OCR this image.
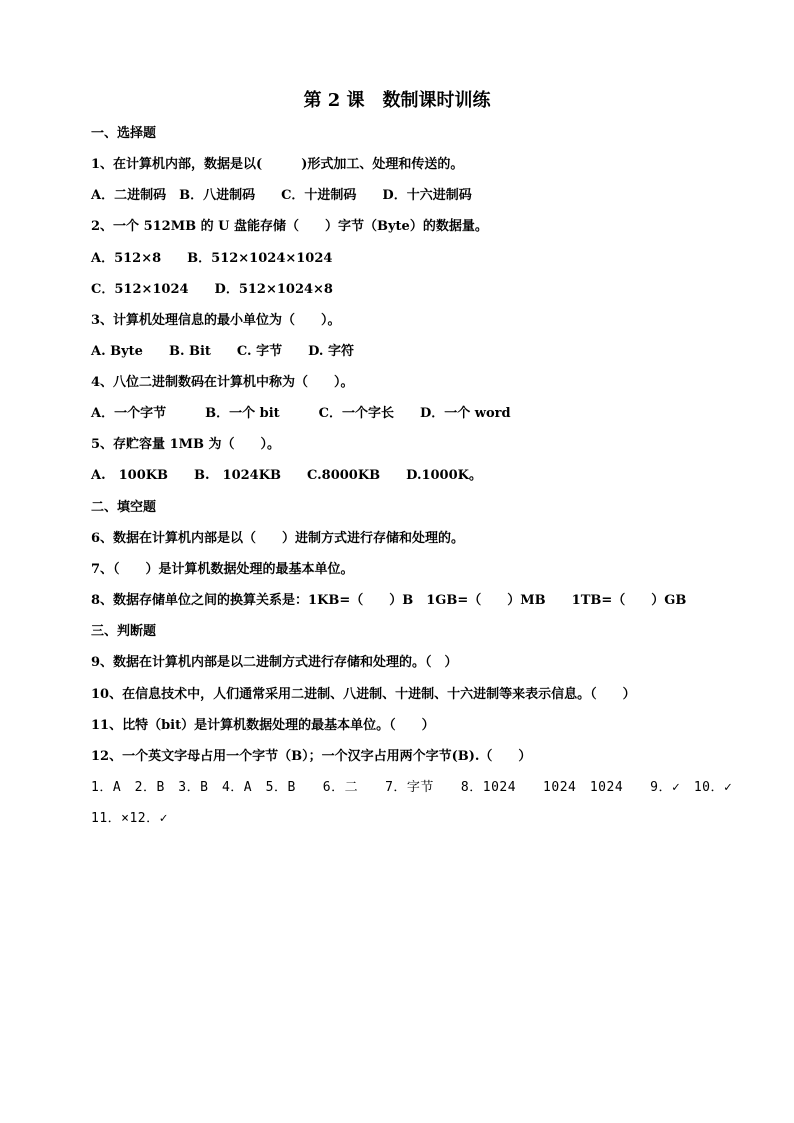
第 2 课　数制课时训练
一、选择题
1、在计算机内部，数据是以(　　　)形式加工、处理和传送的。
A．二进制码　B．八进制码　　C．十进制码　　D．十六进制码
2、一个 512MB 的 U 盘能存储（　　）字节（Byte）的数据量。
A．512×8　　B．512×1024×1024
C．512×1024　　D．512×1024×8
3、计算机处理信息的最小单位为（　　）。
A. Byte　　B. Bit　　C. 字节　　D. 字符
4、八位二进制数码在计算机中称为（　　）。
A．一个字节　　　B．一个 bit　　　C．一个字长　　D．一个 word
5、存贮容量 1MB 为（　　）。
A.　100KB　　B.　1024KB　　C.8000KB　　D.1000K。
二、填空题
6、数据在计算机内部是以（　　）进制方式进行存储和处理的。
7、（　　）是计算机数据处理的最基本单位。
8、数据存储单位之间的换算关系是：1KB=（　　）B　1GB=（　　）MB　　1TB=（　　）GB
三、判断题
9、数据在计算机内部是以二进制方式进行存储和处理的。（　）
10、在信息技术中，人们通常采用二进制、八进制、十进制、十六进制等来表示信息。（　　）
11、比特（bit）是计算机数据处理的最基本单位。（　　）
12、一个英文字母占用一个字节（B）；一个汉字占用两个字节(B).（　　）
1．A　2．B　3．B　4．A　5．B　　6．二　　7．字节　　8．1024　　1024　1024　　9．✓　10．✓
11．×12．✓
